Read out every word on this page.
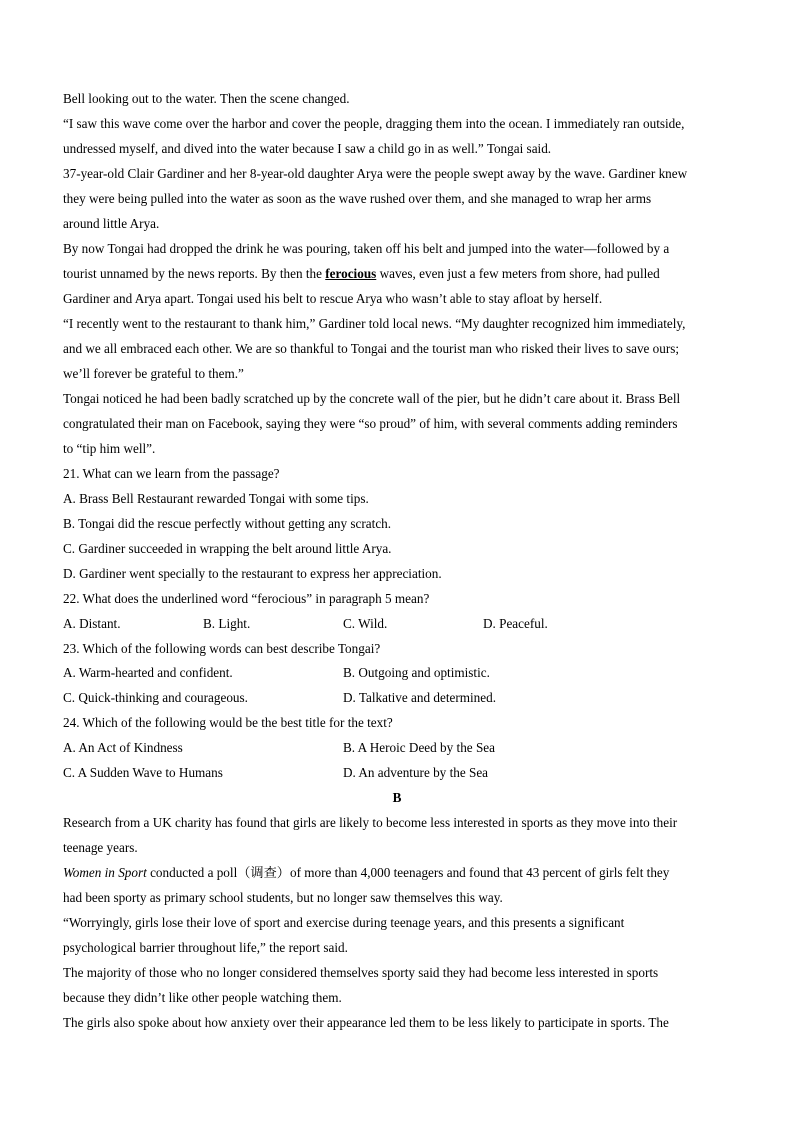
Bell looking out to the water. Then the scene changed.
“I saw this wave come over the harbor and cover the people, dragging them into the ocean. I immediately ran outside,
undressed myself, and dived into the water because I saw a child go in as well.” Tongai said.
37-year-old Clair Gardiner and her 8-year-old daughter Arya were the people swept away by the wave. Gardiner knew
they were being pulled into the water as soon as the wave rushed over them, and she managed to wrap her arms
around little Arya.
By now Tongai had dropped the drink he was pouring, taken off his belt and jumped into the water—followed by a
tourist unnamed by the news reports. By then the ferocious waves, even just a few meters from shore, had pulled
Gardiner and Arya apart. Tongai used his belt to rescue Arya who wasn’t able to stay afloat by herself.
“I recently went to the restaurant to thank him,” Gardiner told local news. “My daughter recognized him immediately,
and we all embraced each other. We are so thankful to Tongai and the tourist man who risked their lives to save ours;
we’ll forever be grateful to them.”
Tongai noticed he had been badly scratched up by the concrete wall of the pier, but he didn’t care about it. Brass Bell
congratulated their man on Facebook, saying they were “so proud” of him, with several comments adding reminders
to “tip him well”.
21. What can we learn from the passage?
A. Brass Bell Restaurant rewarded Tongai with some tips.
B. Tongai did the rescue perfectly without getting any scratch.
C. Gardiner succeeded in wrapping the belt around little Arya.
D. Gardiner went specially to the restaurant to express her appreciation.
22. What does the underlined word “ferocious” in paragraph 5 mean?
A. Distant.	B. Light.	C. Wild.	D. Peaceful.
23. Which of the following words can best describe Tongai?
A. Warm-hearted and confident.	B. Outgoing and optimistic.
C. Quick-thinking and courageous.	D. Talkative and determined.
24. Which of the following would be the best title for the text?
A. An Act of Kindness	B. A Heroic Deed by the Sea
C. A Sudden Wave to Humans	D. An adventure by the Sea
B
Research from a UK charity has found that girls are likely to become less interested in sports as they move into their
teenage years.
Women in Sport conducted a poll（调查）of more than 4,000 teenagers and found that 43 percent of girls felt they
had been sporty as primary school students, but no longer saw themselves this way.
“Worryingly, girls lose their love of sport and exercise during teenage years, and this presents a significant
psychological barrier throughout life,” the report said.
The majority of those who no longer considered themselves sporty said they had become less interested in sports
because they didn’t like other people watching them.
The girls also spoke about how anxiety over their appearance led them to be less likely to participate in sports. The
